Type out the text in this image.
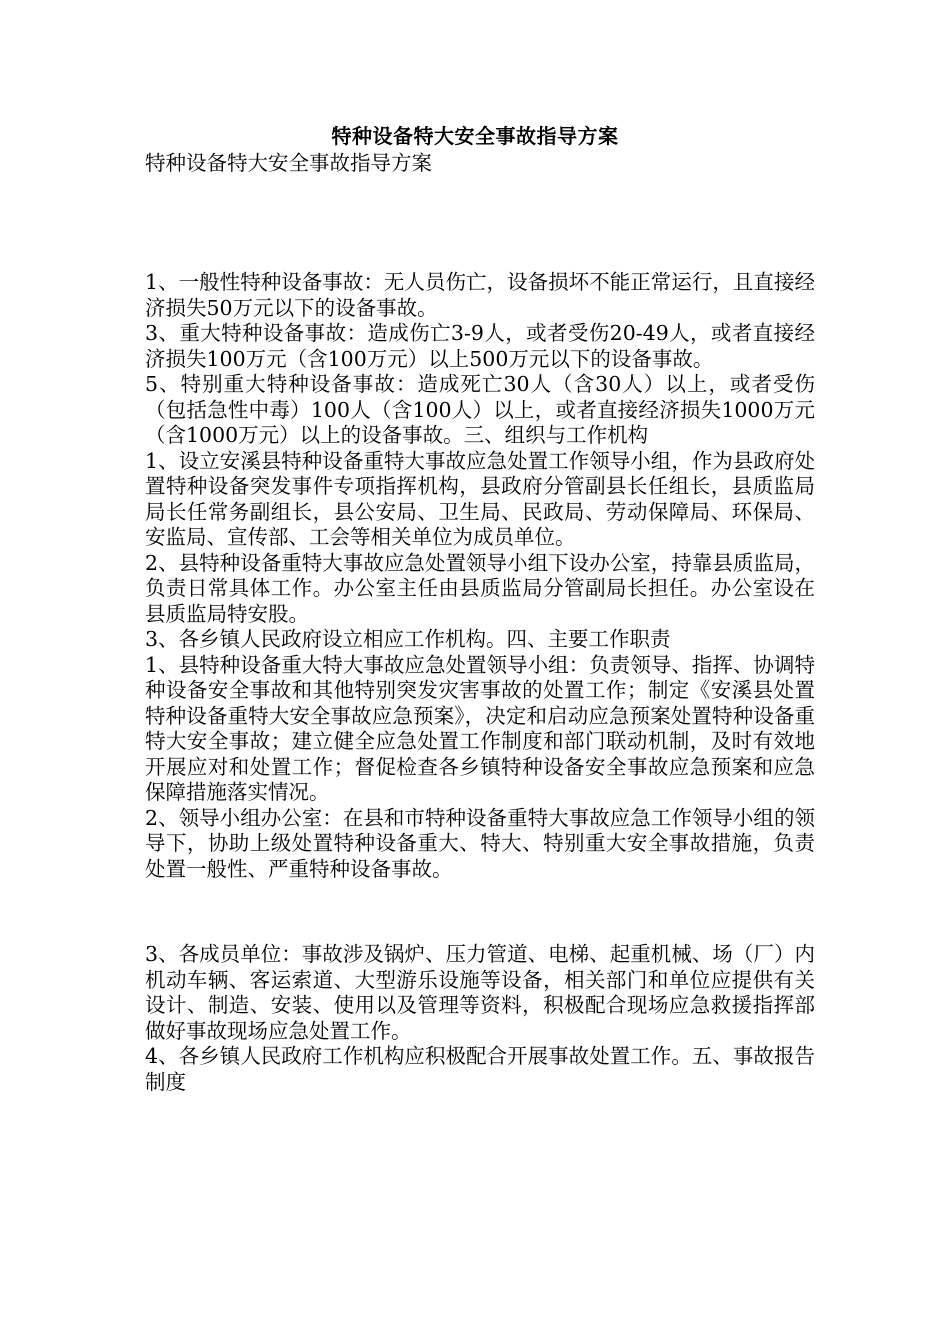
特种设备特大安全事故指导方案
特种设备特大安全事故指导方案

1、一般性特种设备事故：无人员伤亡，设备损坏不能正常运行，且直接经济损失50万元以下的设备事故。

3、重大特种设备事故：造成伤亡3-9人，或者受伤20-49人，或者直接经济损失100万元（含100万元）以上500万元以下的设备事故。

5、特别重大特种设备事故：造成死亡30人（含30人）以上，或者受伤（包括急性中毒）100人（含100人）以上，或者直接经济损失1000万元（含1000万元）以上的设备事故。三、组织与工作机构

1、设立安溪县特种设备重特大事故应急处置工作领导小组，作为县政府处置特种设备突发事件专项指挥机构，县政府分管副县长任组长，县质监局局长任常务副组长，县公安局、卫生局、民政局、劳动保障局、环保局、安监局、宣传部、工会等相关单位为成员单位。

2、县特种设备重特大事故应急处置领导小组下设办公室，持靠县质监局，负责日常具体工作。办公室主任由县质监局分管副局长担任。办公室设在县质监局特安股。

3、各乡镇人民政府设立相应工作机构。四、主要工作职责

1、县特种设备重大特大事故应急处置领导小组：负责领导、指挥、协调特种设备安全事故和其他特别突发灾害事故的处置工作；制定《安溪县处置特种设备重特大安全事故应急预案》，决定和启动应急预案处置特种设备重特大安全事故；建立健全应急处置工作制度和部门联动机制，及时有效地开展应对和处置工作；督促检查各乡镇特种设备安全事故应急预案和应急保障措施落实情况。

2、领导小组办公室：在县和市特种设备重特大事故应急工作领导小组的领导下，协助上级处置特种设备重大、特大、特别重大安全事故措施，负责处置一般性、严重特种设备事故。

3、各成员单位：事故涉及锅炉、压力管道、电梯、起重机械、场（厂）内机动车辆、客运索道、大型游乐设施等设备，相关部门和单位应提供有关设计、制造、安装、使用以及管理等资料，积极配合现场应急救援指挥部做好事故现场应急处置工作。

4、各乡镇人民政府工作机构应积极配合开展事故处置工作。五、事故报告制度
